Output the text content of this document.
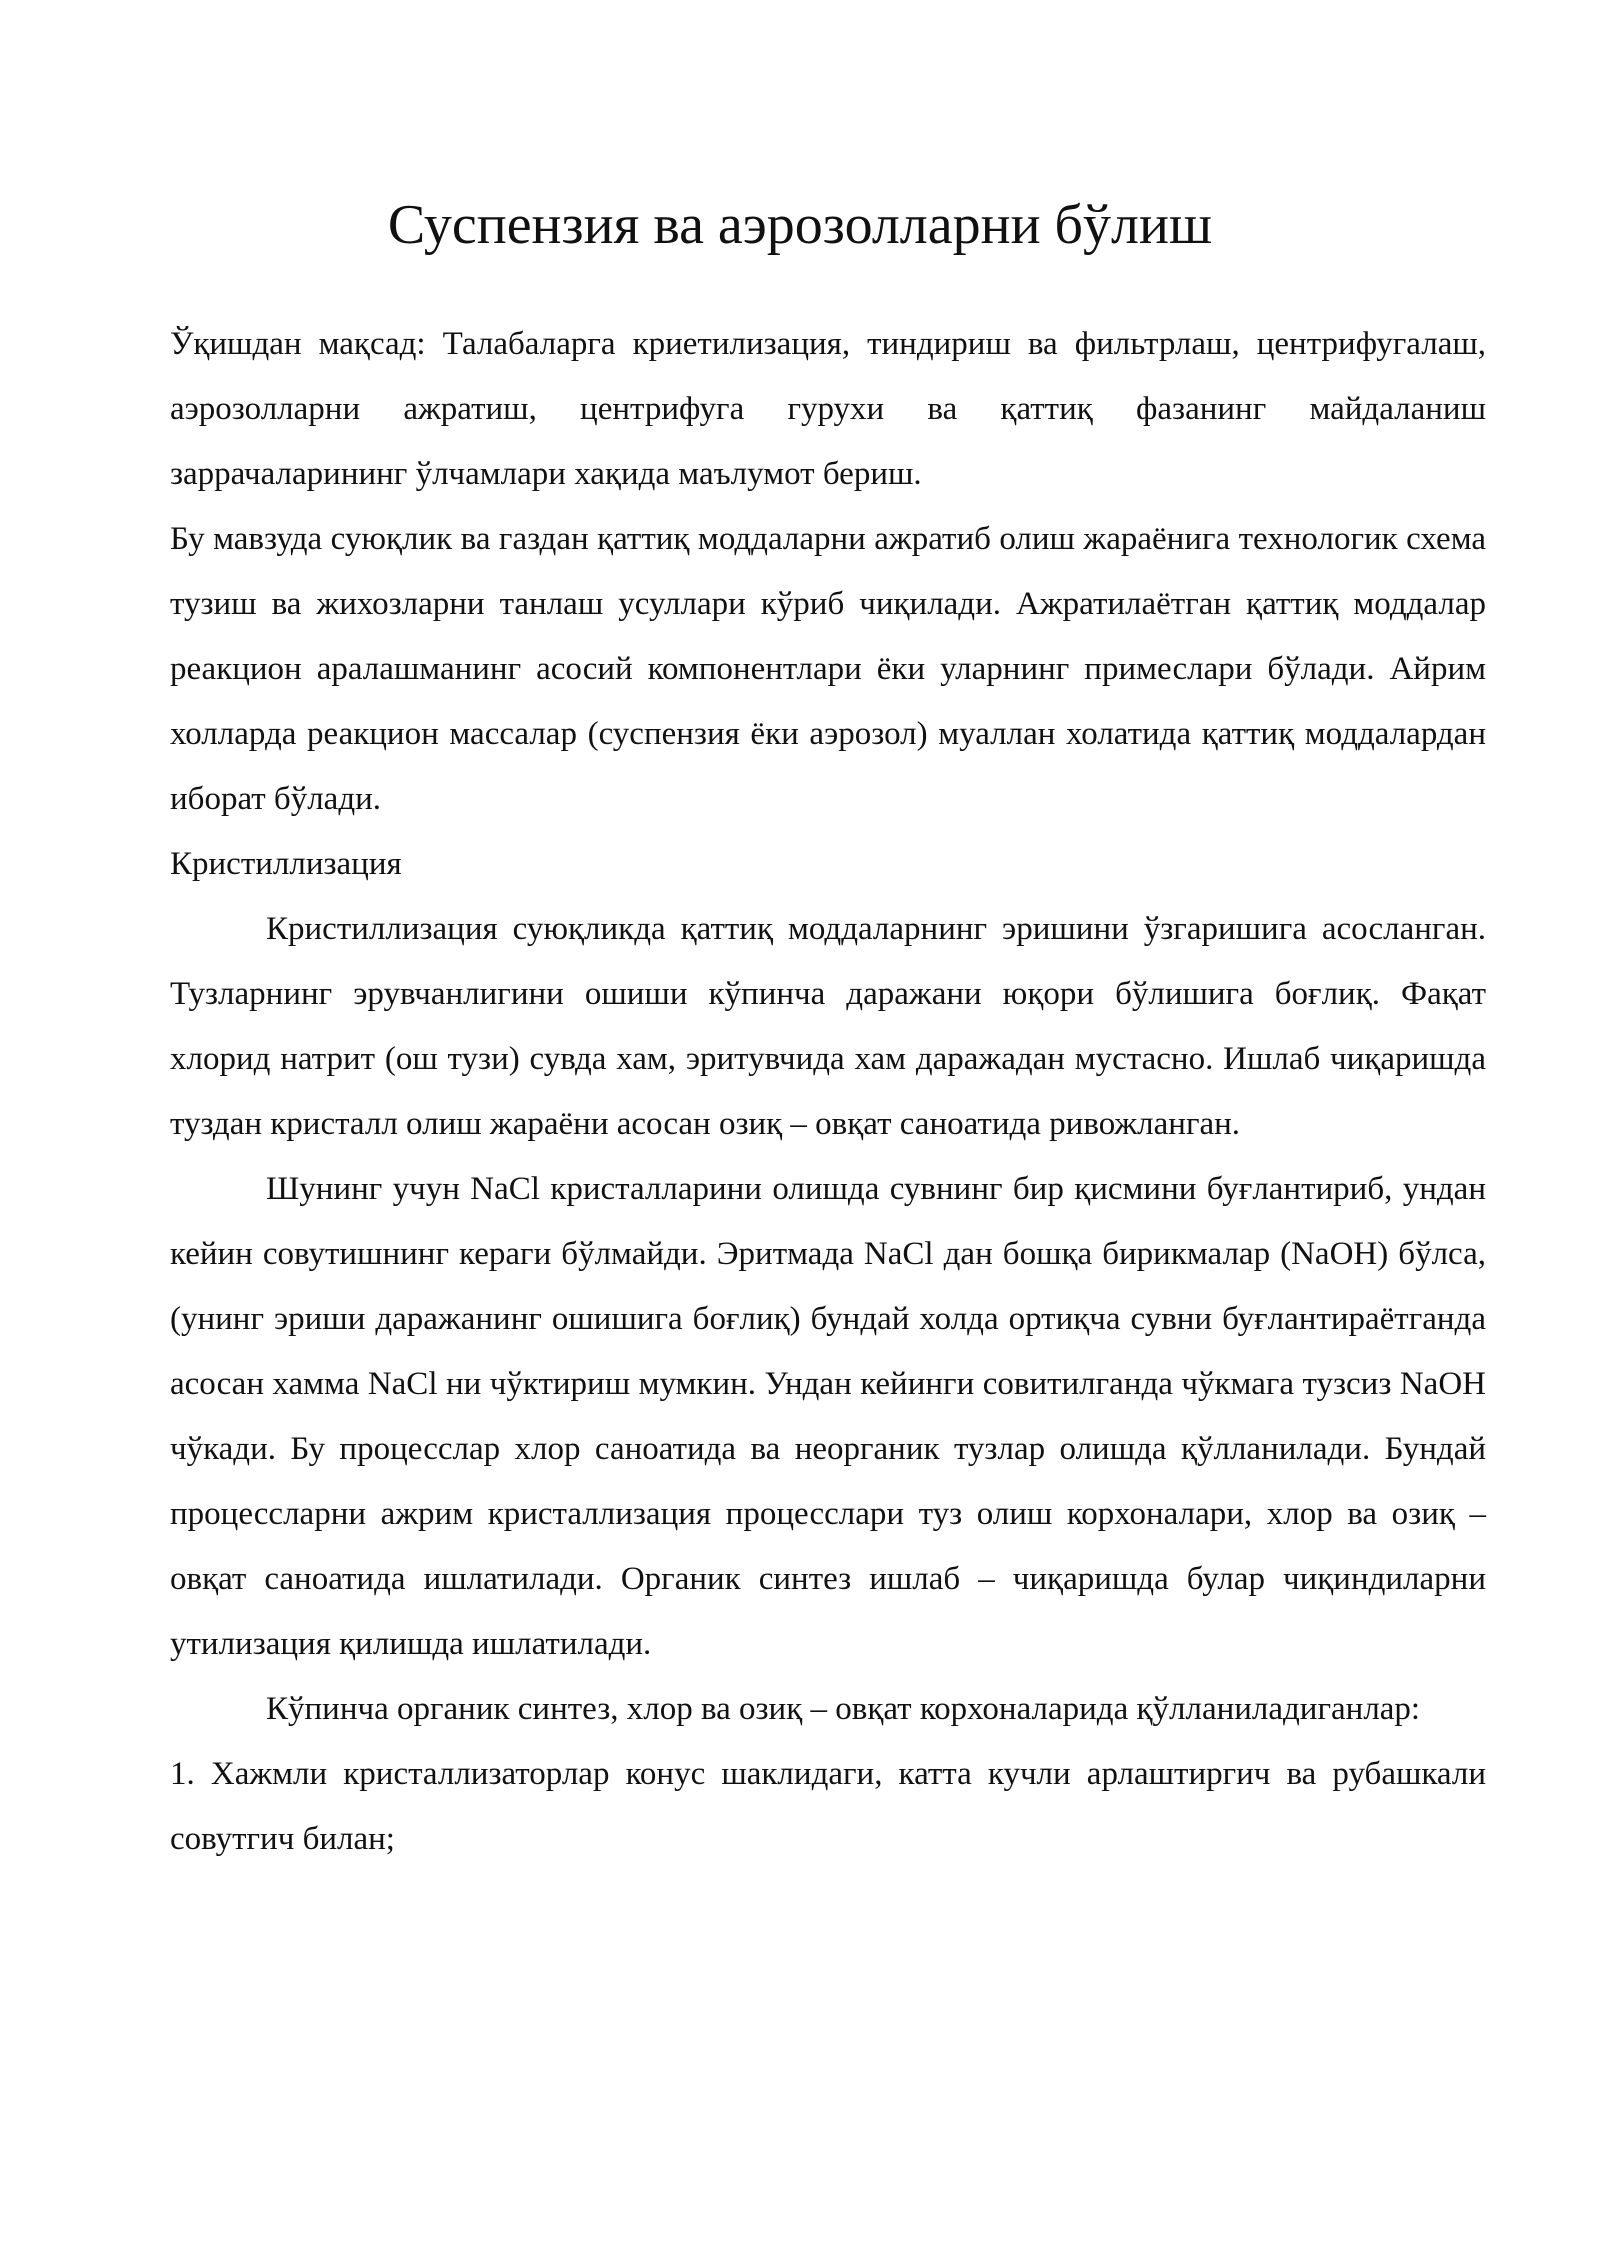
Суспензия ва аэрозолларни бўлиш

Ўқишдан мақсад: Талабаларга криетилизация, тиндириш ва фильтрлаш, центрифугалаш, аэрозолларни ажратиш, центрифуга гурухи ва қаттиқ фазанинг майдаланиш заррачаларининг ўлчамлари хақида маълумот бериш.

Бу мавзуда суюқлик ва газдан қаттиқ моддаларни ажратиб олиш жараёнига технологик схема тузиш ва жихозларни танлаш усуллари кўриб чиқилади. Ажратилаётган қаттиқ моддалар реакцион аралашманинг асосий компонентлари ёки уларнинг примеслари бўлади. Айрим холларда реакцион массалар (суспензия ёки аэрозол) муаллан холатида қаттиқ моддалардан иборат бўлади.

Кристиллизация

Кристиллизация суюқликда қаттиқ моддаларнинг эришини ўзгаришига асосланган. Тузларнинг эрувчанлигини ошиши кўпинча даражани юқори бўлишига боғлиқ. Фақат хлорид натрит (ош тузи) сувда хам, эритувчида хам даражадан мустасно. Ишлаб чиқаришда туздан кристалл олиш жараёни асосан озиқ – овқат саноатида ривожланган.

Шунинг учун NaCl кристалларини олишда сувнинг бир қисмини буғлантириб, ундан кейин совутишнинг кераги бўлмайди. Эритмада NaCl дан бошқа бирикмалар (NaOH) бўлса, (унинг эриши даражанинг ошишига боғлиқ) бундай холда ортиқча сувни буғлантираётганда асосан хамма NaCl ни чўктириш мумкин. Ундан кейинги совитилганда чўкмага тузсиз NaOH чўкади. Бу процесслар хлор саноатида ва неорганик тузлар олишда қўлланилади. Бундай процессларни ажрим кристаллизация процесслари туз олиш корхоналари, хлор ва озиқ – овқат саноатида ишлатилади. Органик синтез ишлаб – чиқаришда булар чиқиндиларни утилизация қилишда ишлатилади.

Кўпинча органик синтез, хлор ва озиқ – овқат корхоналарида қўлланиладиганлар:

1. Хажмли кристаллизаторлар конус шаклидаги, катта кучли арлаштиргич ва рубашкали совутгич билан;
